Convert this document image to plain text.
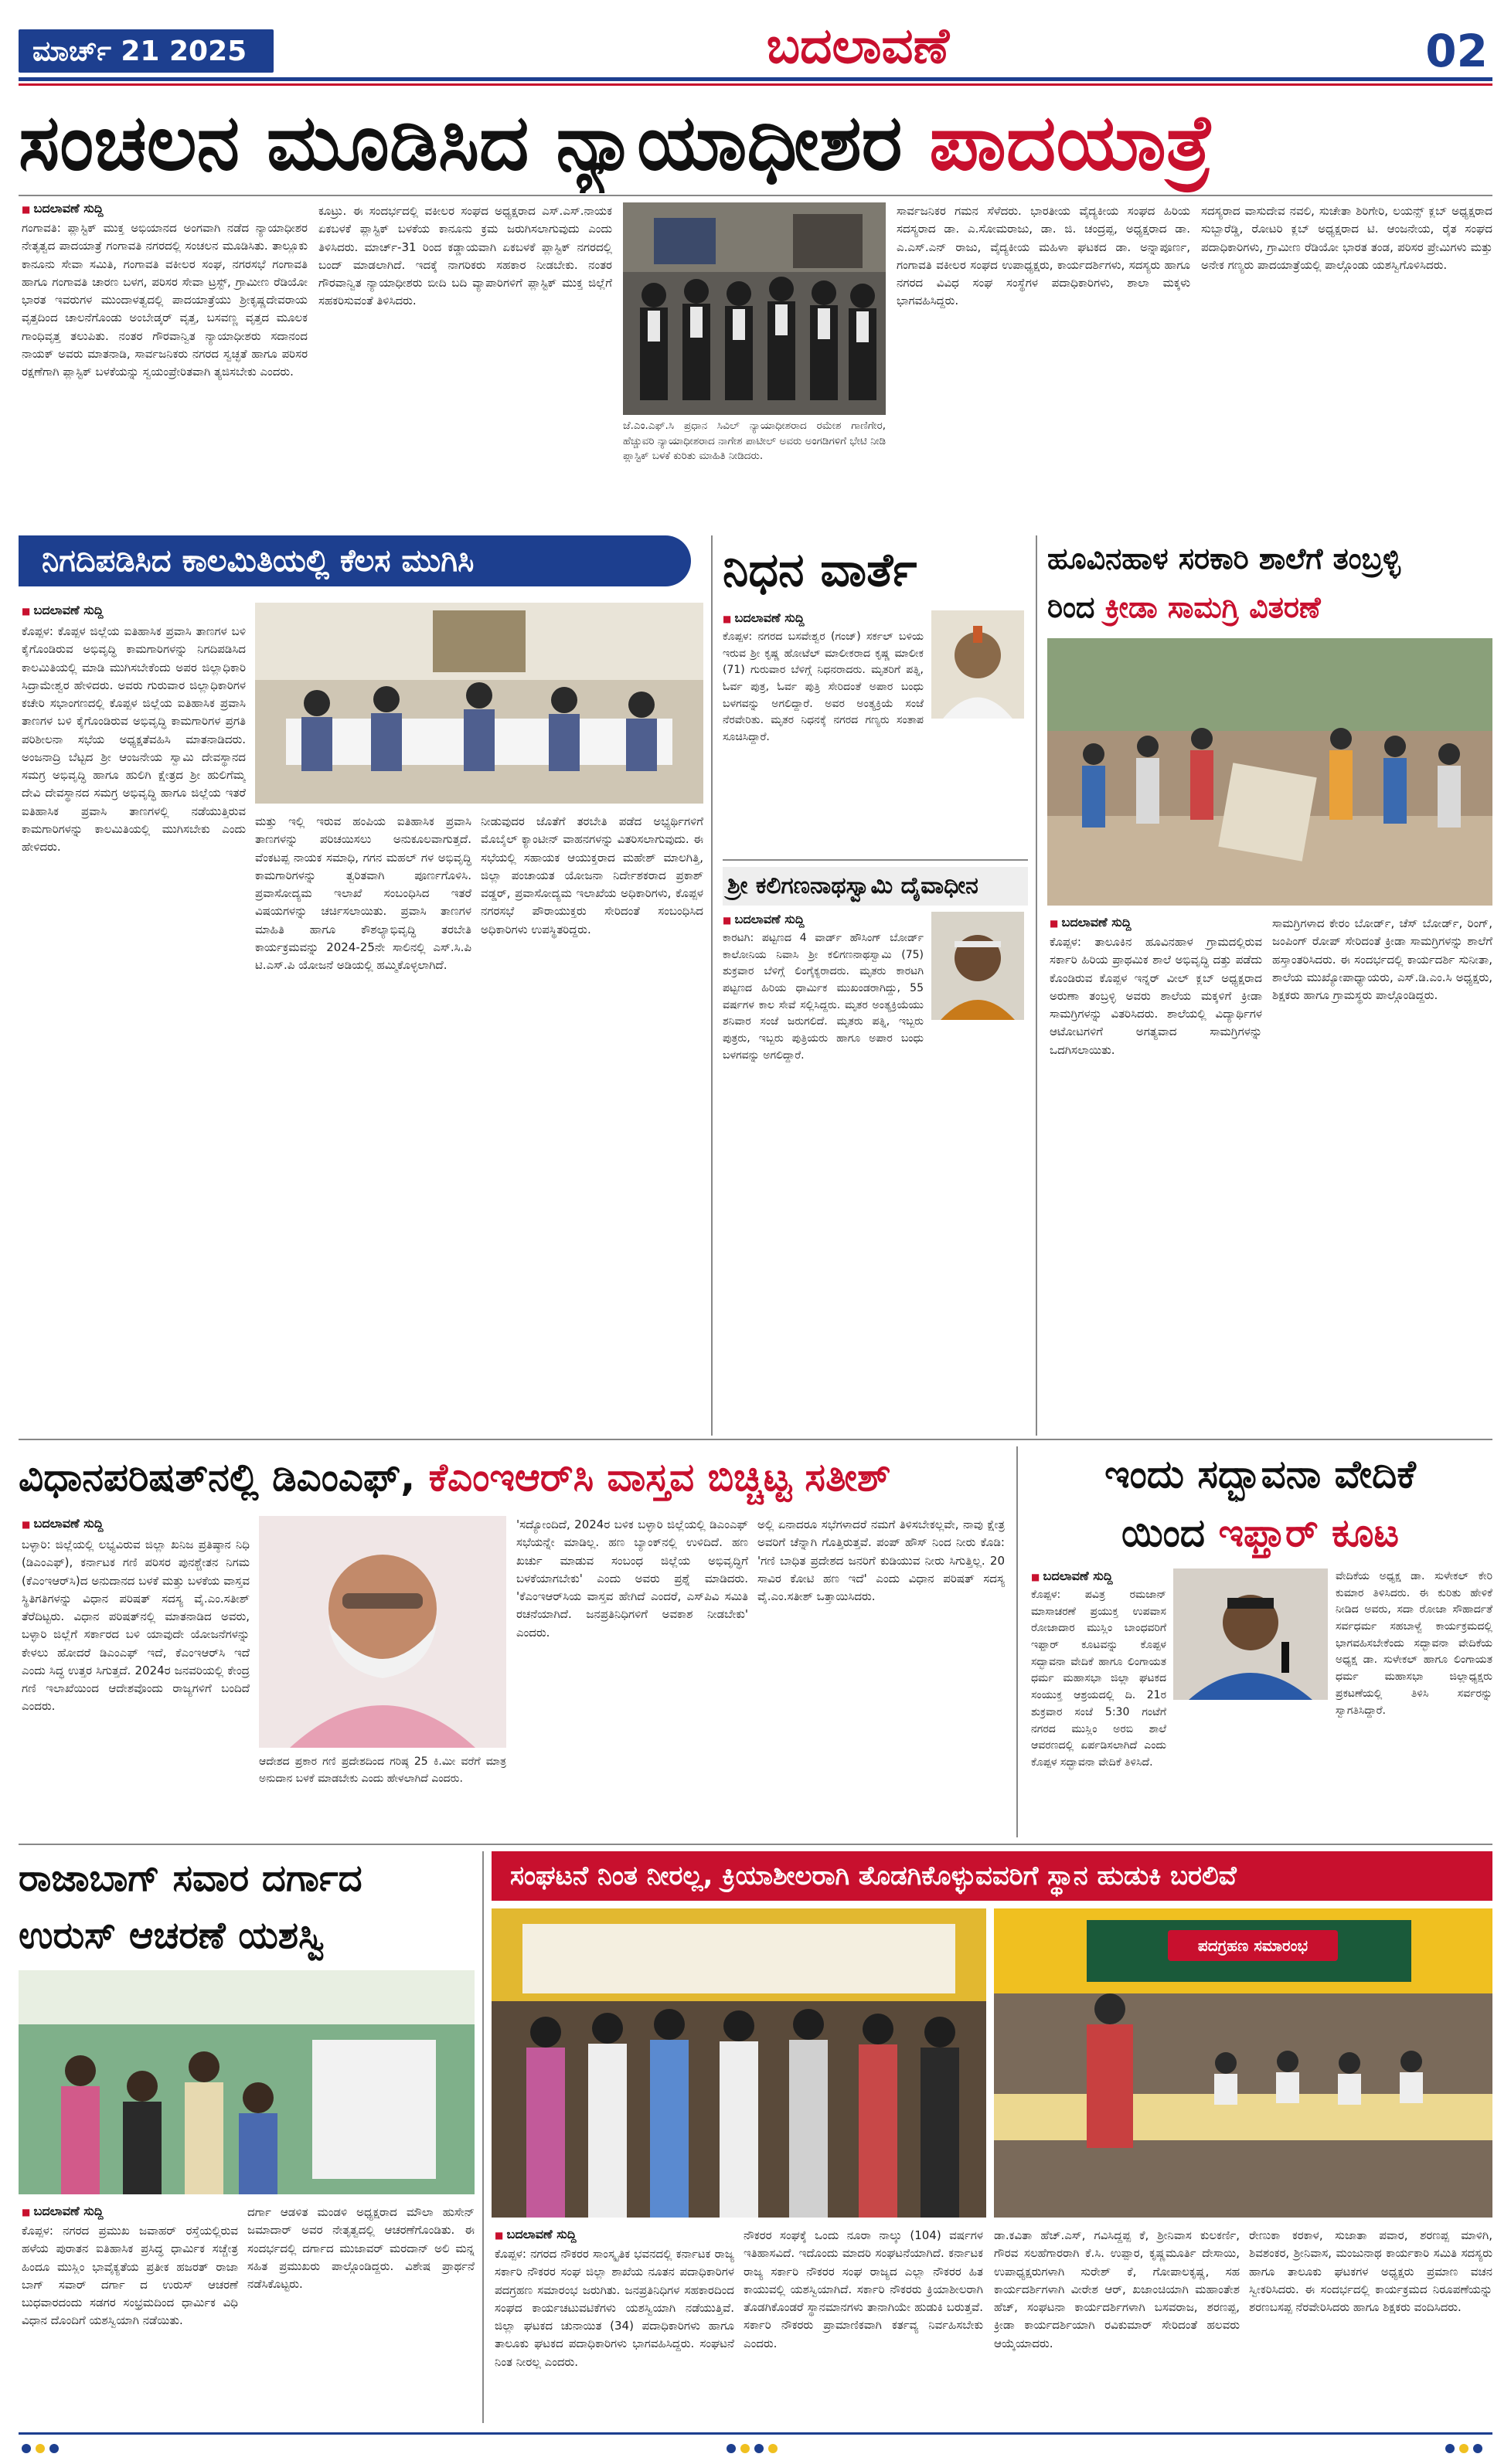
ಮಾರ್ಚ್ 21 2025	ಬದಲಾವಣೆ	02
ಸಂಚಲನ ಮೂಡಿಸಿದ ನ್ಯಾಯಾಧೀಶರ ಪಾದಯಾತ್ರೆ
■ ಬದಲಾವಣೆ ಸುದ್ದಿ
ಗಂಗಾವತಿ: ಪ್ಲಾಸ್ಟಿಕ್ ಮುಕ್ತ ಅಭಿಯಾನದ ಅಂಗವಾಗಿ ನಡೆದ ನ್ಯಾಯಾಧೀಶರ ನೇತೃತ್ವದ ಪಾದಯಾತ್ರೆ ಗಂಗಾವತಿ ನಗರದಲ್ಲಿ ಸಂಚಲನ ಮೂಡಿಸಿತು. ತಾಲ್ಲೂಕು ಕಾನೂನು ಸೇವಾ ಸಮಿತಿ, ಗಂಗಾವತಿ ವಕೀಲರ ಸಂಘ, ನಗರಸಭೆ ಗಂಗಾವತಿ ಹಾಗೂ ಗಂಗಾವತಿ ಚಾರಣ ಬಳಗ, ಪರಿಸರ ಸೇವಾ ಟ್ರಸ್ಟ್, ಗ್ರಾಮೀಣ ರೆಡಿಯೋ ಭಾರತ ಇವರುಗಳ ಮುಂದಾಳತ್ವದಲ್ಲಿ ಪಾದಯಾತ್ರೆಯು ಶ್ರೀಕೃಷ್ಣದೇವರಾಯ ವೃತ್ತದಿಂದ ಚಾಲನೆಗೊಂಡು ಅಂಬೇಡ್ಕರ್ ವೃತ್ತ, ಬಸವಣ್ಣ ವೃತ್ತದ ಮೂಲಕ ಗಾಂಧಿವೃತ್ತ ತಲುಪಿತು. ನಂತರ ಗೌರವಾನ್ವಿತ ನ್ಯಾಯಾಧೀಶರು ಸದಾನಂದ ನಾಯಕ್ ಅವರು ಮಾತನಾಡಿ, ಸಾರ್ವಜನಿಕರು ನಗರದ ಸ್ವಚ್ಛತೆ ಹಾಗೂ ಪರಿಸರ ರಕ್ಷಣೆಗಾಗಿ ಪ್ಲಾಸ್ಟಿಕ್ ಬಳಕೆಯನ್ನು ಸ್ವಯಂಪ್ರೇರಿತವಾಗಿ ತ್ಯಜಿಸಬೇಕು ಎಂದರು.
ಕೂಟ್ರು. ಈ ಸಂದರ್ಭದಲ್ಲಿ ವಕೀಲರ ಸಂಘದ ಅಧ್ಯಕ್ಷರಾದ ಎಸ್.ಎಸ್.ನಾಯಕ ಏಕಬಳಕೆ ಪ್ಲಾಸ್ಟಿಕ್ ಬಳಕೆಯ ಕಾನೂನು ಕ್ರಮ ಜರುಗಿಸಲಾಗುವುದು ಎಂದು ತಿಳಿಸಿದರು. ಮಾರ್ಚ್-31 ರಿಂದ ಕಡ್ಡಾಯವಾಗಿ ಏಕಬಳಕೆ ಪ್ಲಾಸ್ಟಿಕ್ ನಗರದಲ್ಲಿ ಬಂದ್ ಮಾಡಲಾಗಿದೆ. ಇದಕ್ಕೆ ನಾಗರಿಕರು ಸಹಕಾರ ನೀಡಬೇಕು. ನಂತರ ಗೌರವಾನ್ವಿತ ನ್ಯಾಯಾಧೀಶರು ಬೀದಿ ಬದಿ ವ್ಯಾಪಾರಿಗಳಿಗೆ ಪ್ಲಾಸ್ಟಿಕ್ ಮುಕ್ತ ಜಿಲ್ಲೆಗೆ ಸಹಕರಿಸುವಂತೆ ತಿಳಿಸಿದರು.
ಜೆ.ಎಂ.ಎಫ್.ಸಿ ಪ್ರಧಾನ ಸಿವಿಲ್ ನ್ಯಾಯಾಧೀಶರಾದ ರಮೇಶ ಗಾಣಿಗೇರ, ಹೆಚ್ಚುವರಿ ನ್ಯಾಯಾಧೀಶರಾದ ನಾಗೇಶ ಪಾಟೀಲ್ ಅವರು ಅಂಗಡಿಗಳಿಗೆ ಭೇಟಿ ನೀಡಿ ಪ್ಲಾಸ್ಟಿಕ್ ಬಳಕೆ ಕುರಿತು ಮಾಹಿತಿ ನೀಡಿದರು.
ಸಾರ್ವಜನಿಕರ ಗಮನ ಸೆಳೆದರು. ಭಾರತೀಯ ವೈದ್ಯಕೀಯ ಸಂಘದ ಹಿರಿಯ ಸದಸ್ಯರಾದ ಡಾ. ಎ.ಸೋಮರಾಜು, ಡಾ. ಜಿ. ಚಂದ್ರಪ್ಪ, ಅಧ್ಯಕ್ಷರಾದ ಡಾ. ಎ.ಎಸ್.ಎನ್ ರಾಜು, ವೈದ್ಯಕೀಯ ಮಹಿಳಾ ಘಟಕದ ಡಾ. ಅನ್ನಾಪೂರ್ಣ, ಗಂಗಾವತಿ ವಕೀಲರ ಸಂಘದ ಉಪಾಧ್ಯಕ್ಷರು, ಕಾರ್ಯದರ್ಶಿಗಳು, ಸದಸ್ಯರು ಹಾಗೂ ನಗರದ ವಿವಿಧ ಸಂಘ ಸಂಸ್ಥೆಗಳ ಪದಾಧಿಕಾರಿಗಳು, ಶಾಲಾ ಮಕ್ಕಳು ಭಾಗವಹಿಸಿದ್ದರು.
ಸದಸ್ಯರಾದ ವಾಸುದೇವ ನವಲಿ, ಸುಚೇತಾ ಶಿರಿಗೇರಿ, ಲಯನ್ಸ್ ಕ್ಲಬ್ ಅಧ್ಯಕ್ಷರಾದ ಸುಬ್ಬಾರೆಡ್ಡಿ, ರೋಟರಿ ಕ್ಲಬ್ ಅಧ್ಯಕ್ಷರಾದ ಟಿ. ಆಂಜನೇಯ, ರೈತ ಸಂಘದ ಪದಾಧಿಕಾರಿಗಳು, ಗ್ರಾಮೀಣ ರೆಡಿಯೋ ಭಾರತ ತಂಡ, ಪರಿಸರ ಪ್ರೇಮಿಗಳು ಮತ್ತು ಅನೇಕ ಗಣ್ಯರು ಪಾದಯಾತ್ರೆಯಲ್ಲಿ ಪಾಲ್ಗೊಂಡು ಯಶಸ್ವಿಗೊಳಿಸಿದರು.
ನಿಗದಿಪಡಿಸಿದ ಕಾಲಮಿತಿಯಲ್ಲಿ ಕೆಲಸ ಮುಗಿಸಿ
■ ಬದಲಾವಣೆ ಸುದ್ದಿ
ಕೊಪ್ಪಳ: ಕೊಪ್ಪಳ ಜಿಲ್ಲೆಯ ಐತಿಹಾಸಿಕ ಪ್ರವಾಸಿ ತಾಣಗಳ ಬಳಿ ಕೈಗೊಂಡಿರುವ ಅಭಿವೃದ್ಧಿ ಕಾಮಗಾರಿಗಳನ್ನು ನಿಗದಿಪಡಿಸಿದ ಕಾಲಮಿತಿಯಲ್ಲಿ ಮಾಡಿ ಮುಗಿಸಬೇಕೆಂದು ಅಪರ ಜಿಲ್ಲಾಧಿಕಾರಿ ಸಿದ್ರಾಮೇಶ್ವರ ಹೇಳಿದರು. ಅವರು ಗುರುವಾರ ಜಿಲ್ಲಾಧಿಕಾರಿಗಳ ಕಚೇರಿ ಸಭಾಂಗಣದಲ್ಲಿ ಕೊಪ್ಪಳ ಜಿಲ್ಲೆಯ ಐತಿಹಾಸಿಕ ಪ್ರವಾಸಿ ತಾಣಗಳ ಬಳಿ ಕೈಗೊಂಡಿರುವ ಅಭಿವೃದ್ಧಿ ಕಾಮಗಾರಿಗಳ ಪ್ರಗತಿ ಪರಿಶೀಲನಾ ಸಭೆಯ ಅಧ್ಯಕ್ಷತೆವಹಿಸಿ ಮಾತನಾಡಿದರು. ಅಂಜನಾದ್ರಿ ಬೆಟ್ಟದ ಶ್ರೀ ಆಂಜನೇಯ ಸ್ವಾಮಿ ದೇವಸ್ಥಾನದ ಸಮಗ್ರ ಅಭಿವೃದ್ಧಿ ಹಾಗೂ ಹುಲಿಗಿ ಕ್ಷೇತ್ರದ ಶ್ರೀ ಹುಲಿಗೆಮ್ಮ ದೇವಿ ದೇವಸ್ಥಾನದ ಸಮಗ್ರ ಅಭಿವೃದ್ಧಿ ಹಾಗೂ ಜಿಲ್ಲೆಯ ಇತರೆ ಐತಿಹಾಸಿಕ ಪ್ರವಾಸಿ ತಾಣಗಳಲ್ಲಿ ನಡೆಯುತ್ತಿರುವ ಕಾಮಗಾರಿಗಳನ್ನು ಕಾಲಮಿತಿಯಲ್ಲಿ ಮುಗಿಸಬೇಕು ಎಂದು ಹೇಳಿದರು.
ಮತ್ತು ಇಲ್ಲಿ ಇರುವ ಹಂಪಿಯ ಐತಿಹಾಸಿಕ ಪ್ರವಾಸಿ ತಾಣಗಳನ್ನು ಪರಿಚಯಿಸಲು ಅನುಕೂಲವಾಗುತ್ತದೆ. ವೆಂಕಟಪ್ಪ ನಾಯಕ ಸಮಾಧಿ, ಗಗನ ಮಹಲ್ ಗಳ ಅಭಿವೃದ್ಧಿ ಕಾಮಗಾರಿಗಳನ್ನು ತ್ವರಿತವಾಗಿ ಪೂರ್ಣಗೊಳಿಸಿ. ಪ್ರವಾಸೋದ್ಯಮ ಇಲಾಖೆ ಸಂಬಂಧಿಸಿದ ಇತರೆ ವಿಷಯಗಳನ್ನು ಚರ್ಚಿಸಲಾಯಿತು. ಪ್ರವಾಸಿ ತಾಣಗಳ ಮಾಹಿತಿ ಹಾಗೂ ಕೌಶಲ್ಯಾಭಿವೃದ್ಧಿ ತರಬೇತಿ ಕಾರ್ಯಕ್ರಮವನ್ನು 2024-25ನೇ ಸಾಲಿನಲ್ಲಿ ಎಸ್.ಸಿ.ಪಿ ಟಿ.ಎಸ್.ಪಿ ಯೋಜನೆ ಅಡಿಯಲ್ಲಿ ಹಮ್ಮಿಕೊಳ್ಳಲಾಗಿದೆ.
ನೀಡುವುದರ ಜೊತೆಗೆ ತರಬೇತಿ ಪಡೆದ ಅಭ್ಯರ್ಥಿಗಳಿಗೆ ಮೊಬೈಲ್ ಕ್ಯಾಂಟೀನ್ ವಾಹನಗಳನ್ನು ವಿತರಿಸಲಾಗುವುದು. ಈ ಸಭೆಯಲ್ಲಿ ಸಹಾಯಕ ಆಯುಕ್ತರಾದ ಮಹೇಶ್ ಮಾಲಗಿತ್ತಿ, ಜಿಲ್ಲಾ ಪಂಚಾಯತ ಯೋಜನಾ ನಿರ್ದೇಶಕರಾದ ಪ್ರಕಾಶ್ ವಡ್ಡರ್, ಪ್ರವಾಸೋದ್ಯಮ ಇಲಾಖೆಯ ಅಧಿಕಾರಿಗಳು, ಕೊಪ್ಪಳ ನಗರಸಭೆ ಪೌರಾಯುಕ್ತರು ಸೇರಿದಂತೆ ಸಂಬಂಧಿಸಿದ ಅಧಿಕಾರಿಗಳು ಉಪಸ್ಥಿತರಿದ್ದರು.
ನಿಧನ ವಾರ್ತೆ
■ ಬದಲಾವಣೆ ಸುದ್ದಿ
ಕೊಪ್ಪಳ: ನಗರದ ಬಸವೇಶ್ವರ (ಗಂಜ್) ಸರ್ಕಲ್ ಬಳಿಯ ಇರುವ ಶ್ರೀ ಕೃಷ್ಣ ಹೋಟೆಲ್ ಮಾಲೀಕರಾದ ಕೃಷ್ಣ ಮಾಲೀಕ (71) ಗುರುವಾರ ಬೆಳಿಗ್ಗೆ ನಿಧನರಾದರು. ಮೃತರಿಗೆ ಪತ್ನಿ, ಓರ್ವ ಪುತ್ರ, ಓರ್ವ ಪುತ್ರಿ ಸೇರಿದಂತೆ ಅಪಾರ ಬಂಧು ಬಳಗವನ್ನು ಅಗಲಿದ್ದಾರೆ. ಅವರ ಅಂತ್ಯಕ್ರಿಯೆ ಸಂಜೆ ನೆರವೇರಿತು. ಮೃತರ ನಿಧನಕ್ಕೆ ನಗರದ ಗಣ್ಯರು ಸಂತಾಪ ಸೂಚಿಸಿದ್ದಾರೆ.
ಶ್ರೀ ಕಲಿಗಣನಾಥಸ್ವಾಮಿ ದೈವಾಧೀನ
■ ಬದಲಾವಣೆ ಸುದ್ದಿ
ಕಾರಟಗಿ: ಪಟ್ಟಣದ 4 ವಾರ್ಡ್ ಹೌಸಿಂಗ್ ಬೋರ್ಡ್ ಕಾಲೋನಿಯ ನಿವಾಸಿ ಶ್ರೀ ಕಲಿಗಣನಾಥಸ್ವಾಮಿ (75) ಶುಕ್ರವಾರ ಬೆಳಿಗ್ಗೆ ಲಿಂಗೈಕ್ಯರಾದರು. ಮೃತರು ಕಾರಟಗಿ ಪಟ್ಟಣದ ಹಿರಿಯ ಧಾರ್ಮಿಕ ಮುಖಂಡರಾಗಿದ್ದು, 55 ವರ್ಷಗಳ ಕಾಲ ಸೇವೆ ಸಲ್ಲಿಸಿದ್ದರು. ಮೃತರ ಅಂತ್ಯಕ್ರಿಯೆಯು ಶನಿವಾರ ಸಂಜೆ ಜರುಗಲಿದೆ. ಮೃತರು ಪತ್ನಿ, ಇಬ್ಬರು ಪುತ್ರರು, ಇಬ್ಬರು ಪುತ್ರಿಯರು ಹಾಗೂ ಅಪಾರ ಬಂಧು ಬಳಗವನ್ನು ಅಗಲಿದ್ದಾರೆ.
ಹೂವಿನಹಾಳ ಸರಕಾರಿ ಶಾಲೆಗೆ ತಂಬ್ರಳ್ಳಿ
ರಿಂದ ಕ್ರೀಡಾ ಸಾಮಗ್ರಿ ವಿತರಣೆ
■ ಬದಲಾವಣೆ ಸುದ್ದಿ
ಕೊಪ್ಪಳ: ತಾಲೂಕಿನ ಹೂವಿನಹಾಳ ಗ್ರಾಮದಲ್ಲಿರುವ ಸರ್ಕಾರಿ ಹಿರಿಯ ಪ್ರಾಥಮಿಕ ಶಾಲೆ ಅಭಿವೃದ್ಧಿ ದತ್ತು ಪಡೆದು ಕೊಂಡಿರುವ ಕೊಪ್ಪಳ ಇನ್ನರ್ ವೀಲ್ ಕ್ಲಬ್ ಅಧ್ಯಕ್ಷರಾದ ಅರುಣಾ ತಂಬ್ರಳ್ಳಿ ಅವರು ಶಾಲೆಯ ಮಕ್ಕಳಿಗೆ ಕ್ರೀಡಾ ಸಾಮಗ್ರಿಗಳನ್ನು ವಿತರಿಸಿದರು. ಶಾಲೆಯಲ್ಲಿ ವಿದ್ಯಾರ್ಥಿಗಳ ಆಟೋಟಗಳಿಗೆ ಅಗತ್ಯವಾದ ಸಾಮಗ್ರಿಗಳನ್ನು ಒದಗಿಸಲಾಯಿತು.
ಸಾಮಗ್ರಿಗಳಾದ ಕೇರಂ ಬೋರ್ಡ್, ಚೆಸ್ ಬೋರ್ಡ್, ರಿಂಗ್, ಜಂಪಿಂಗ್ ರೋಪ್ ಸೇರಿದಂತೆ ಕ್ರೀಡಾ ಸಾಮಗ್ರಿಗಳನ್ನು ಶಾಲೆಗೆ ಹಸ್ತಾಂತರಿಸಿದರು. ಈ ಸಂದರ್ಭದಲ್ಲಿ ಕಾರ್ಯದರ್ಶಿ ಸುನೀತಾ, ಶಾಲೆಯ ಮುಖ್ಯೋಪಾಧ್ಯಾಯರು, ಎಸ್.ಡಿ.ಎಂ.ಸಿ ಅಧ್ಯಕ್ಷರು, ಶಿಕ್ಷಕರು ಹಾಗೂ ಗ್ರಾಮಸ್ಥರು ಪಾಲ್ಗೊಂಡಿದ್ದರು.
ವಿಧಾನಪರಿಷತ್‌ನಲ್ಲಿ ಡಿಎಂಎಫ್, ಕೆಎಂಇಆರ್‌ಸಿ ವಾಸ್ತವ ಬಿಚ್ಚಿಟ್ಟ ಸತೀಶ್
■ ಬದಲಾವಣೆ ಸುದ್ದಿ
ಬಳ್ಳಾರಿ: ಜಿಲ್ಲೆಯಲ್ಲಿ ಲಭ್ಯವಿರುವ ಜಿಲ್ಲಾ ಖನಿಜ ಪ್ರತಿಷ್ಠಾನ ನಿಧಿ (ಡಿಎಂಎಫ್), ಕರ್ನಾಟಕ ಗಣಿ ಪರಿಸರ ಪುನಶ್ಚೇತನ ನಿಗಮ (ಕೆಎಂಇಆರ್‌ಸಿ)ದ ಅನುದಾನದ ಬಳಕೆ ಮತ್ತು ಬಳಕೆಯ ವಾಸ್ತವ ಸ್ಥಿತಿಗತಿಗಳನ್ನು ವಿಧಾನ ಪರಿಷತ್ ಸದಸ್ಯ ವೈ.ಎಂ.ಸತೀಶ್ ತೆರೆದಿಟ್ಟರು. ವಿಧಾನ ಪರಿಷತ್‌ನಲ್ಲಿ ಮಾತನಾಡಿದ ಅವರು, ಬಳ್ಳಾರಿ ಜಿಲ್ಲೆಗೆ ಸರ್ಕಾರದ ಬಳಿ ಯಾವುದೇ ಯೋಜನೆಗಳನ್ನು ಕೇಳಲು ಹೋದರೆ ಡಿಎಂಎಫ್ ಇದೆ, ಕೆಎಂಇಆರ್‌ಸಿ ಇದೆ ಎಂದು ಸಿದ್ಧ ಉತ್ತರ ಸಿಗುತ್ತದೆ. 2024ರ ಜನವರಿಯಲ್ಲಿ ಕೇಂದ್ರ ಗಣಿ ಇಲಾಖೆಯಿಂದ ಆದೇಶವೊಂದು ರಾಜ್ಯಗಳಿಗೆ ಬಂದಿದೆ ಎಂದರು.
ಆದೇಶದ ಪ್ರಕಾರ ಗಣಿ ಪ್ರದೇಶದಿಂದ ಗರಿಷ್ಠ 25 ಕಿ.ಮೀ ವರೆಗೆ ಮಾತ್ರ ಅನುದಾನ ಬಳಕೆ ಮಾಡಬೇಕು ಎಂದು ಹೇಳಲಾಗಿದೆ ಎಂದರು.
'ಸದ್ಯೋಂದಿದೆ, 2024ರ ಬಳಿಕ ಬಳ್ಳಾರಿ ಜಿಲ್ಲೆಯಲ್ಲಿ ಡಿಎಂಎಫ್ ಸಭೆಯನ್ನೇ ಮಾಡಿಲ್ಲ. ಹಣ ಬ್ಯಾಂಕ್‌ನಲ್ಲಿ ಉಳಿದಿದೆ. ಹಣ ಖರ್ಚು ಮಾಡುವ ಸಂಬಂಧ ಜಿಲ್ಲೆಯ ಅಭಿವೃದ್ಧಿಗೆ ಬಳಕೆಯಾಗಬೇಕು' ಎಂದು ಅವರು ಪ್ರಶ್ನೆ ಮಾಡಿದರು. 'ಕೆಎಂಇಆರ್‌ಸಿಯ ವಾಸ್ತವ ಹೇಗಿದೆ ಎಂದರೆ, ಎಸ್‌ಪಿವಿ ಸಮಿತಿ ರಚನೆಯಾಗಿದೆ. ಜನಪ್ರತಿನಿಧಿಗಳಿಗೆ ಅವಕಾಶ ನೀಡಬೇಕು' ಎಂದರು.
ಅಲ್ಲಿ ಏನಾದರೂ ಸಭೆಗಳಾದರೆ ನಮಗೆ ತಿಳಿಸಬೇಕಲ್ಲವೇ, ನಾವು ಕ್ಷೇತ್ರ ಅವರಿಗೆ ಚೆನ್ನಾಗಿ ಗೊತ್ತಿರುತ್ತವೆ. ಪಂಪ್ ಹೌಸ್ ನಿಂದ ನೀರು ಕೊಡಿ: 'ಗಣಿ ಬಾಧಿತ ಪ್ರದೇಶದ ಜನರಿಗೆ ಕುಡಿಯುವ ನೀರು ಸಿಗುತ್ತಿಲ್ಲ. 20 ಸಾವಿರ ಕೋಟಿ ಹಣ ಇದೆ' ಎಂದು ವಿಧಾನ ಪರಿಷತ್ ಸದಸ್ಯ ವೈ.ಎಂ.ಸತೀಶ್ ಒತ್ತಾಯಿಸಿದರು.
ಇಂದು ಸದ್ಭಾವನಾ ವೇದಿಕೆ
ಯಿಂದ ಇಫ್ತಾರ್ ಕೂಟ
■ ಬದಲಾವಣೆ ಸುದ್ದಿ
ಕೊಪ್ಪಳ: ಪವಿತ್ರ ರಮಜಾನ್ ಮಾಸಾಚರಣೆ ಪ್ರಯುಕ್ತ ಉಪವಾಸ ರೋಜಾದಾರ ಮುಸ್ಲಿಂ ಬಾಂಧವರಿಗೆ ಇಫ್ತಾರ್ ಕೂಟವನ್ನು ಕೊಪ್ಪಳ ಸದ್ಭಾವನಾ ವೇದಿಕೆ ಹಾಗೂ ಲಿಂಗಾಯತ ಧರ್ಮ ಮಹಾಸಭಾ ಜಿಲ್ಲಾ ಘಟಕದ ಸಂಯುಕ್ತ ಆಶ್ರಯದಲ್ಲಿ ದಿ. 21ರ ಶುಕ್ರವಾರ ಸಂಜೆ 5:30 ಗಂಟೆಗೆ ನಗರದ ಮುಸ್ಲಿಂ ಅರಬಿ ಶಾಲೆ ಆವರಣದಲ್ಲಿ ಏರ್ಪಡಿಸಲಾಗಿದೆ ಎಂದು ಕೊಪ್ಪಳ ಸದ್ಭಾವನಾ ವೇದಿಕೆ ತಿಳಿಸಿದೆ.
ವೇದಿಕೆಯ ಅಧ್ಯಕ್ಷ ಡಾ. ಸುಳೇಕಲ್ ಕೇರಿ ಕುಮಾರ ತಿಳಿಸಿದರು. ಈ ಕುರಿತು ಹೇಳಿಕೆ ನೀಡಿದ ಅವರು, ಸದಾ ರೋಜಾ ಸೌಹಾರ್ದತೆ ಸರ್ವಧರ್ಮ ಸಹಬಾಳ್ವೆ ಕಾರ್ಯಕ್ರಮದಲ್ಲಿ ಭಾಗವಹಿಸಬೇಕೆಂದು ಸದ್ಭಾವನಾ ವೇದಿಕೆಯ ಅಧ್ಯಕ್ಷ ಡಾ. ಸುಳೇಕಲ್ ಹಾಗೂ ಲಿಂಗಾಯತ ಧರ್ಮ ಮಹಾಸಭಾ ಜಿಲ್ಲಾಧ್ಯಕ್ಷರು ಪ್ರಕಟಣೆಯಲ್ಲಿ ತಿಳಿಸಿ ಸರ್ವರನ್ನು ಸ್ವಾಗತಿಸಿದ್ದಾರೆ.
ರಾಜಾಬಾಗ್ ಸವಾರ ದರ್ಗಾದ
ಉರುಸ್ ಆಚರಣೆ ಯಶಸ್ವಿ
■ ಬದಲಾವಣೆ ಸುದ್ದಿ
ಕೊಪ್ಪಳ: ನಗರದ ಪ್ರಮುಖ ಜವಾಹರ್ ರಸ್ತೆಯಲ್ಲಿರುವ ಹಳೆಯ ಪುರಾತನ ಐತಿಹಾಸಿಕ ಪ್ರಸಿದ್ಧ ಧಾರ್ಮಿಕ ಸಚ್ಚೇತ್ರ ಹಿಂದೂ ಮುಸ್ಲಿಂ ಭಾವೈಕ್ಯತೆಯ ಪ್ರತೀಕ ಹಜರತ್ ರಾಜಾ ಬಾಗ್ ಸವಾರ್ ದರ್ಗಾ ದ ಉರುಸ್ ಆಚರಣೆ ಬುಧವಾರದಂದು ಸಡಗರ ಸಂಭ್ರಮದಿಂದ ಧಾರ್ಮಿಕ ವಿಧಿ ವಿಧಾನ ದೊಂದಿಗೆ ಯಶಸ್ವಿಯಾಗಿ ನಡೆಯಿತು.
ದರ್ಗಾ ಆಡಳಿತ ಮಂಡಳಿ ಅಧ್ಯಕ್ಷರಾದ ಮೌಲಾ ಹುಸೇನ್ ಜಮಾದಾರ್ ಅವರ ನೇತೃತ್ವದಲ್ಲಿ ಆಚರಣೆಗೊಂಡಿತು. ಈ ಸಂದರ್ಭದಲ್ಲಿ ದರ್ಗಾದ ಮುಜಾವರ್ ಮರದಾನ್ ಅಲಿ ಮನ್ನ ಸಹಿತ ಪ್ರಮುಖರು ಪಾಲ್ಗೊಂಡಿದ್ದರು. ವಿಶೇಷ ಪ್ರಾರ್ಥನೆ ನಡೆಸಿಕೊಟ್ಟರು.
ಸಂಘಟನೆ ನಿಂತ ನೀರಲ್ಲ, ಕ್ರಿಯಾಶೀಲರಾಗಿ ತೊಡಗಿಕೊಳ್ಳುವವರಿಗೆ ಸ್ಥಾನ ಹುಡುಕಿ ಬರಲಿವೆ
ಪದಗ್ರಹಣ ಸಮಾರಂಭ
■ ಬದಲಾವಣೆ ಸುದ್ದಿ
ಕೊಪ್ಪಳ: ನಗರದ ನೌಕರರ ಸಾಂಸ್ಕೃತಿಕ ಭವನದಲ್ಲಿ ಕರ್ನಾಟಕ ರಾಜ್ಯ ಸರ್ಕಾರಿ ನೌಕರರ ಸಂಘ ಜಿಲ್ಲಾ ಶಾಖೆಯ ನೂತನ ಪದಾಧಿಕಾರಿಗಳ ಪದಗ್ರಹಣ ಸಮಾರಂಭ ಜರುಗಿತು. ಜನಪ್ರತಿನಿಧಿಗಳ ಸಹಕಾರದಿಂದ ಸಂಘದ ಕಾರ್ಯಚಟುವಟಿಕೆಗಳು ಯಶಸ್ವಿಯಾಗಿ ನಡೆಯುತ್ತಿವೆ. ಜಿಲ್ಲಾ ಘಟಕದ ಚುನಾಯಿತ (34) ಪದಾಧಿಕಾರಿಗಳು ಹಾಗೂ ತಾಲೂಕು ಘಟಕದ ಪದಾಧಿಕಾರಿಗಳು ಭಾಗವಹಿಸಿದ್ದರು. ಸಂಘಟನೆ ನಿಂತ ನೀರಲ್ಲ ಎಂದರು.
ನೌಕರರ ಸಂಘಕ್ಕೆ ಒಂದು ನೂರಾ ನಾಲ್ಕು (104) ವರ್ಷಗಳ ಇತಿಹಾಸವಿದೆ. ಇದೊಂದು ಮಾದರಿ ಸಂಘಟನೆಯಾಗಿದೆ. ಕರ್ನಾಟಕ ರಾಜ್ಯ ಸರ್ಕಾರಿ ನೌಕರರ ಸಂಘ ರಾಜ್ಯದ ಎಲ್ಲಾ ನೌಕರರ ಹಿತ ಕಾಯುವಲ್ಲಿ ಯಶಸ್ವಿಯಾಗಿದೆ. ಸರ್ಕಾರಿ ನೌಕರರು ಕ್ರಿಯಾಶೀಲರಾಗಿ ತೊಡಗಿಕೊಂಡರೆ ಸ್ಥಾನಮಾನಗಳು ತಾನಾಗಿಯೇ ಹುಡುಕಿ ಬರುತ್ತವೆ. ಸರ್ಕಾರಿ ನೌಕರರು ಪ್ರಾಮಾಣಿಕವಾಗಿ ಕರ್ತವ್ಯ ನಿರ್ವಹಿಸಬೇಕು ಎಂದರು.
ಡಾ.ಕವಿತಾ ಹೆಚ್.ಎಸ್, ಗವಿಸಿದ್ದಪ್ಪ ಕೆ, ಶ್ರೀನಿವಾಸ ಕುಲಕರ್ಣಿ, ಗೌರವ ಸಲಹೆಗಾರರಾಗಿ ಕೆ.ಸಿ. ಉಪ್ಪಾರ, ಕೃಷ್ಣಮೂರ್ತಿ ದೇಸಾಯಿ, ಉಪಾಧ್ಯಕ್ಷರುಗಳಾಗಿ ಸುರೇಶ್ ಕೆ, ಗೋಪಾಲಕೃಷ್ಣ, ಸಹ ಕಾರ್ಯದರ್ಶಿಗಳಾಗಿ ವೀರೇಶ ಆರ್, ಖಜಾಂಚಿಯಾಗಿ ಮಹಾಂತೇಶ ಹೆಚ್, ಸಂಘಟನಾ ಕಾರ್ಯದರ್ಶಿಗಳಾಗಿ ಬಸವರಾಜ, ಶರಣಪ್ಪ, ಕ್ರೀಡಾ ಕಾರ್ಯದರ್ಶಿಯಾಗಿ ರವಿಕುಮಾರ್ ಸೇರಿದಂತೆ ಹಲವರು ಆಯ್ಕೆಯಾದರು.
ರೇಣುಕಾ ಕರಕಾಳ, ಸುಜಾತಾ ಪವಾರ, ಶರಣಪ್ಪ ಮಾಳಿಗಿ, ಶಿವಶಂಕರ, ಶ್ರೀನಿವಾಸ, ಮಂಜುನಾಥ ಕಾರ್ಯಕಾರಿ ಸಮಿತಿ ಸದಸ್ಯರು ಹಾಗೂ ತಾಲೂಕು ಘಟಕಗಳ ಅಧ್ಯಕ್ಷರು ಪ್ರಮಾಣ ವಚನ ಸ್ವೀಕರಿಸಿದರು. ಈ ಸಂದರ್ಭದಲ್ಲಿ ಕಾರ್ಯಕ್ರಮದ ನಿರೂಪಣೆಯನ್ನು ಶರಣಬಸಪ್ಪ ನೆರವೇರಿಸಿದರು ಹಾಗೂ ಶಿಕ್ಷಕರು ವಂದಿಸಿದರು.
